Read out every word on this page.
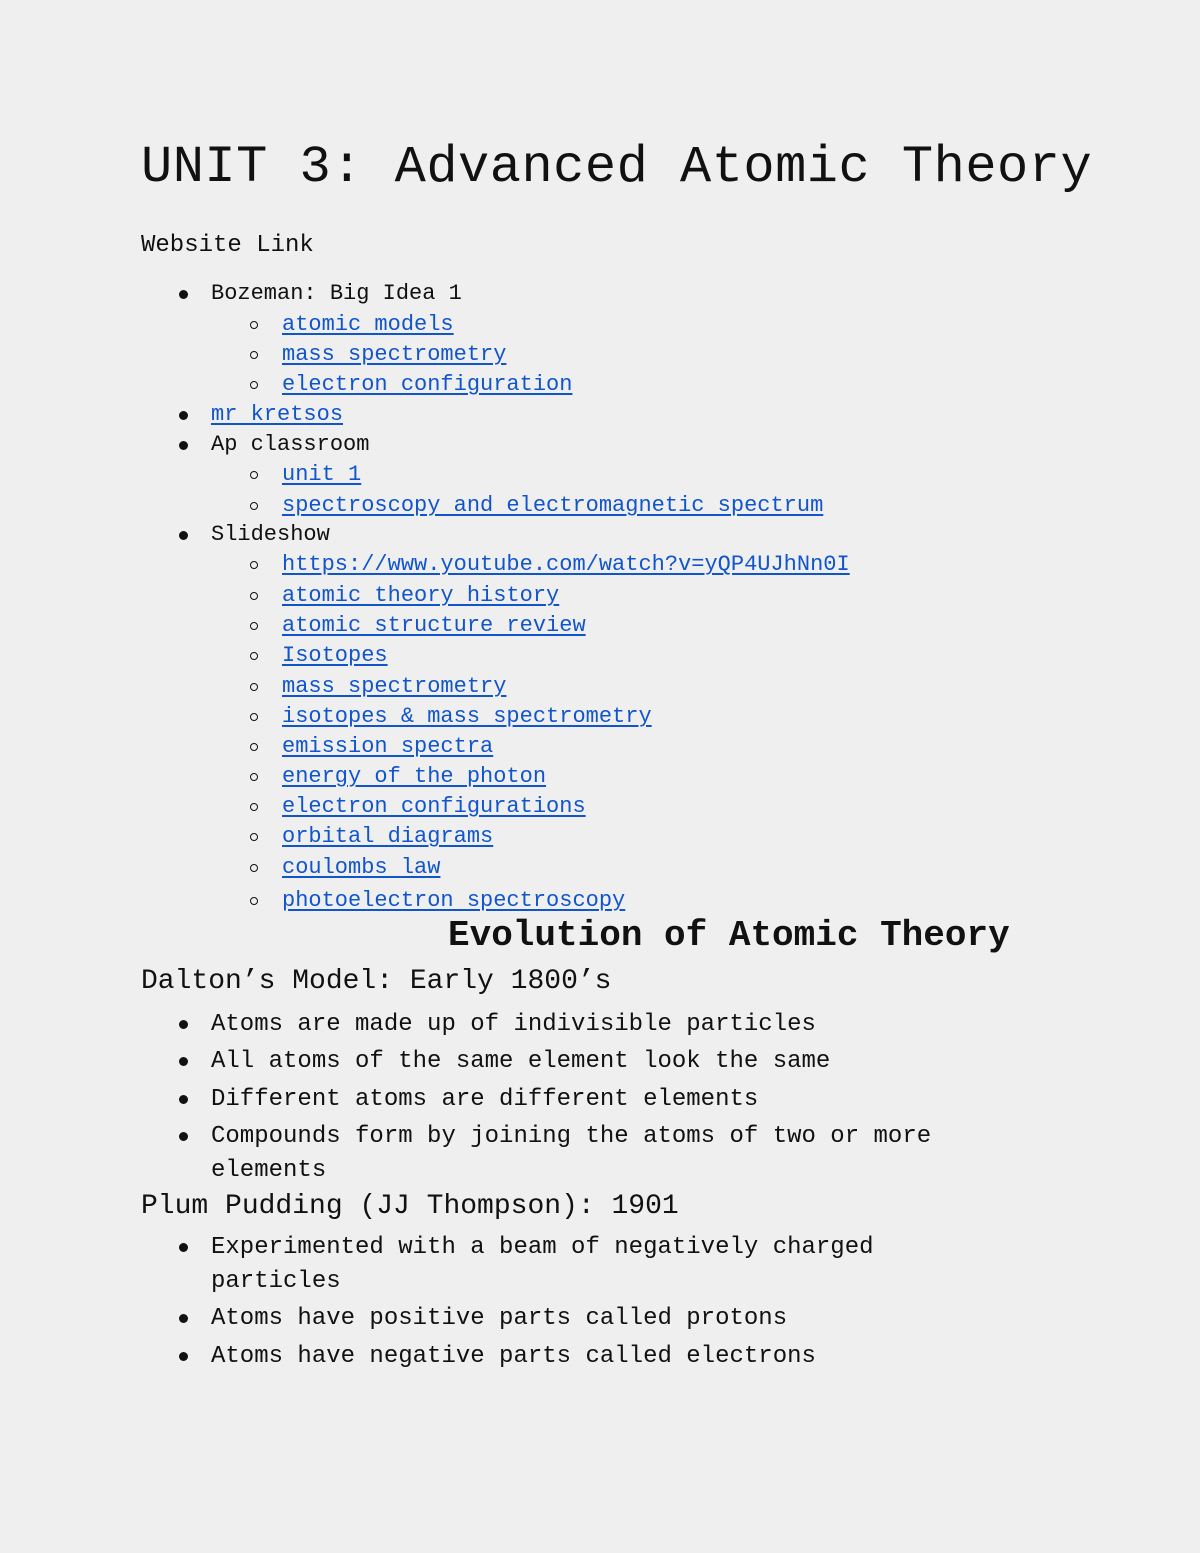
UNIT 3: Advanced Atomic Theory
Website Link
Bozeman: Big Idea 1
atomic models
mass spectrometry
electron configuration
mr kretsos
Ap classroom
unit 1
spectroscopy and electromagnetic spectrum
Slideshow
https://www.youtube.com/watch?v=yQP4UJhNn0I
atomic theory history
atomic structure review
Isotopes
mass spectrometry
isotopes & mass spectrometry
emission spectra
energy of the photon
electron configurations
orbital diagrams
coulombs law
photoelectron spectroscopy
Evolution of Atomic Theory
Dalton’s Model: Early 1800’s
Atoms are made up of indivisible particles
All atoms of the same element look the same
Different atoms are different elements
Compounds form by joining the atoms of two or more elements
Plum Pudding (JJ Thompson): 1901
Experimented with a beam of negatively charged particles
Atoms have positive parts called protons
Atoms have negative parts called electrons
